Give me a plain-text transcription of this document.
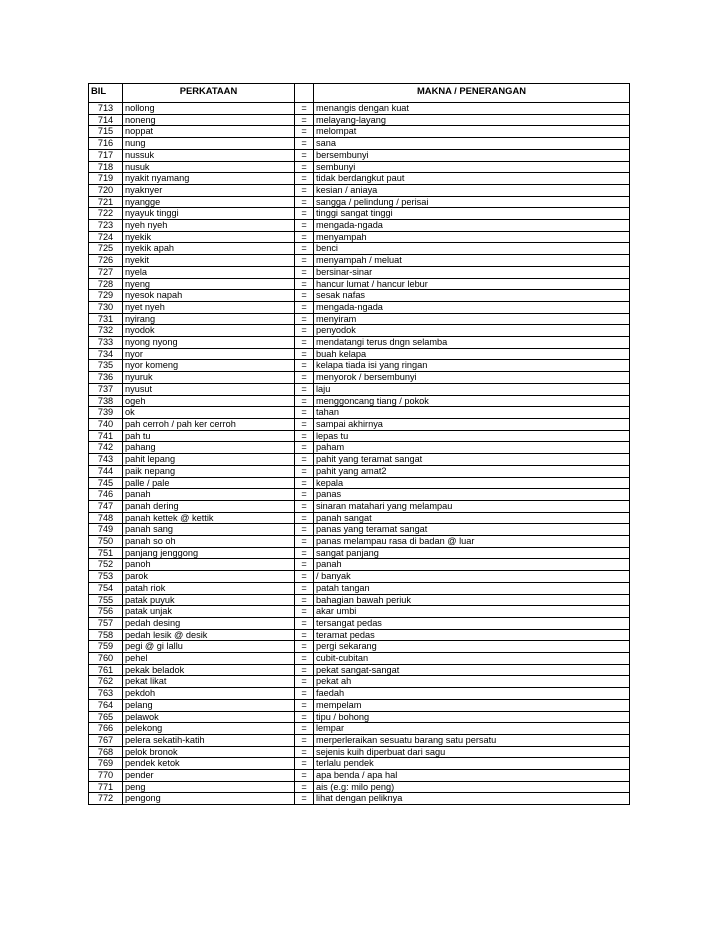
BIL	PERKATAAN		MAKNA / PENERANGAN

713	nollong	=	menangis dengan kuat
714	noneng	=	melayang-layang
715	noppat	=	melompat
716	nung	=	sana
717	nussuk	=	bersembunyi
718	nusuk	=	sembunyi
719	nyakit nyamang	=	tidak berdangkut paut
720	nyaknyer	=	kesian / aniaya
721	nyangge	=	sangga / pelindung / perisai
722	nyayuk tinggi	=	tinggi sangat tinggi
723	nyeh nyeh	=	mengada-ngada
724	nyekik	=	menyampah
725	nyekik apah	=	benci
726	nyekit	=	menyampah / meluat
727	nyela	=	bersinar-sinar
728	nyeng	=	hancur lumat / hancur lebur
729	nyesok napah	=	sesak nafas
730	nyet nyeh	=	mengada-ngada
731	nyirang	=	menyiram
732	nyodok	=	penyodok
733	nyong nyong	=	mendatangi terus dngn selamba
734	nyor	=	buah kelapa
735	nyor komeng	=	kelapa tiada isi yang ringan
736	nyuruk	=	menyorok / bersembunyi
737	nyusut	=	laju
738	ogeh	=	menggoncang tiang / pokok
739	ok	=	tahan
740	pah cerroh / pah ker cerroh	=	sampai akhirnya
741	pah tu	=	lepas tu
742	pahang	=	paham
743	pahit lepang	=	pahit yang teramat sangat
744	paik nepang	=	pahit yang amat2
745	palle / pale	=	kepala
746	panah	=	panas
747	panah dering	=	sinaran matahari yang melampau
748	panah kettek @ kettik	=	panah sangat
749	panah sang	=	panas yang teramat sangat
750	panah so oh	=	panas melampau rasa di badan @ luar
751	panjang jenggong	=	sangat panjang
752	panoh	=	panah
753	parok	=	/ banyak
754	patah riok	=	patah tangan
755	patak puyuk	=	bahagian bawah periuk
756	patak unjak	=	akar umbi
757	pedah desing	=	tersangat pedas
758	pedah lesik @ desik	=	teramat pedas
759	pegi @ gi lallu	=	pergi sekarang
760	pehel	=	cubit-cubitan
761	pekak beladok	=	pekat sangat-sangat
762	pekat likat	=	pekat ah
763	pekdoh	=	faedah
764	pelang	=	mempelam
765	pelawok	=	tipu / bohong
766	pelekong	=	lempar
767	pelera sekatih-katih	=	merperleraikan sesuatu barang satu persatu
768	pelok bronok	=	sejenis kuih diperbuat dari sagu
769	pendek ketok	=	terlalu pendek
770	pender	=	apa benda / apa hal
771	peng	=	ais (e.g: milo peng)
772	pengong	=	lihat dengan peliknya
